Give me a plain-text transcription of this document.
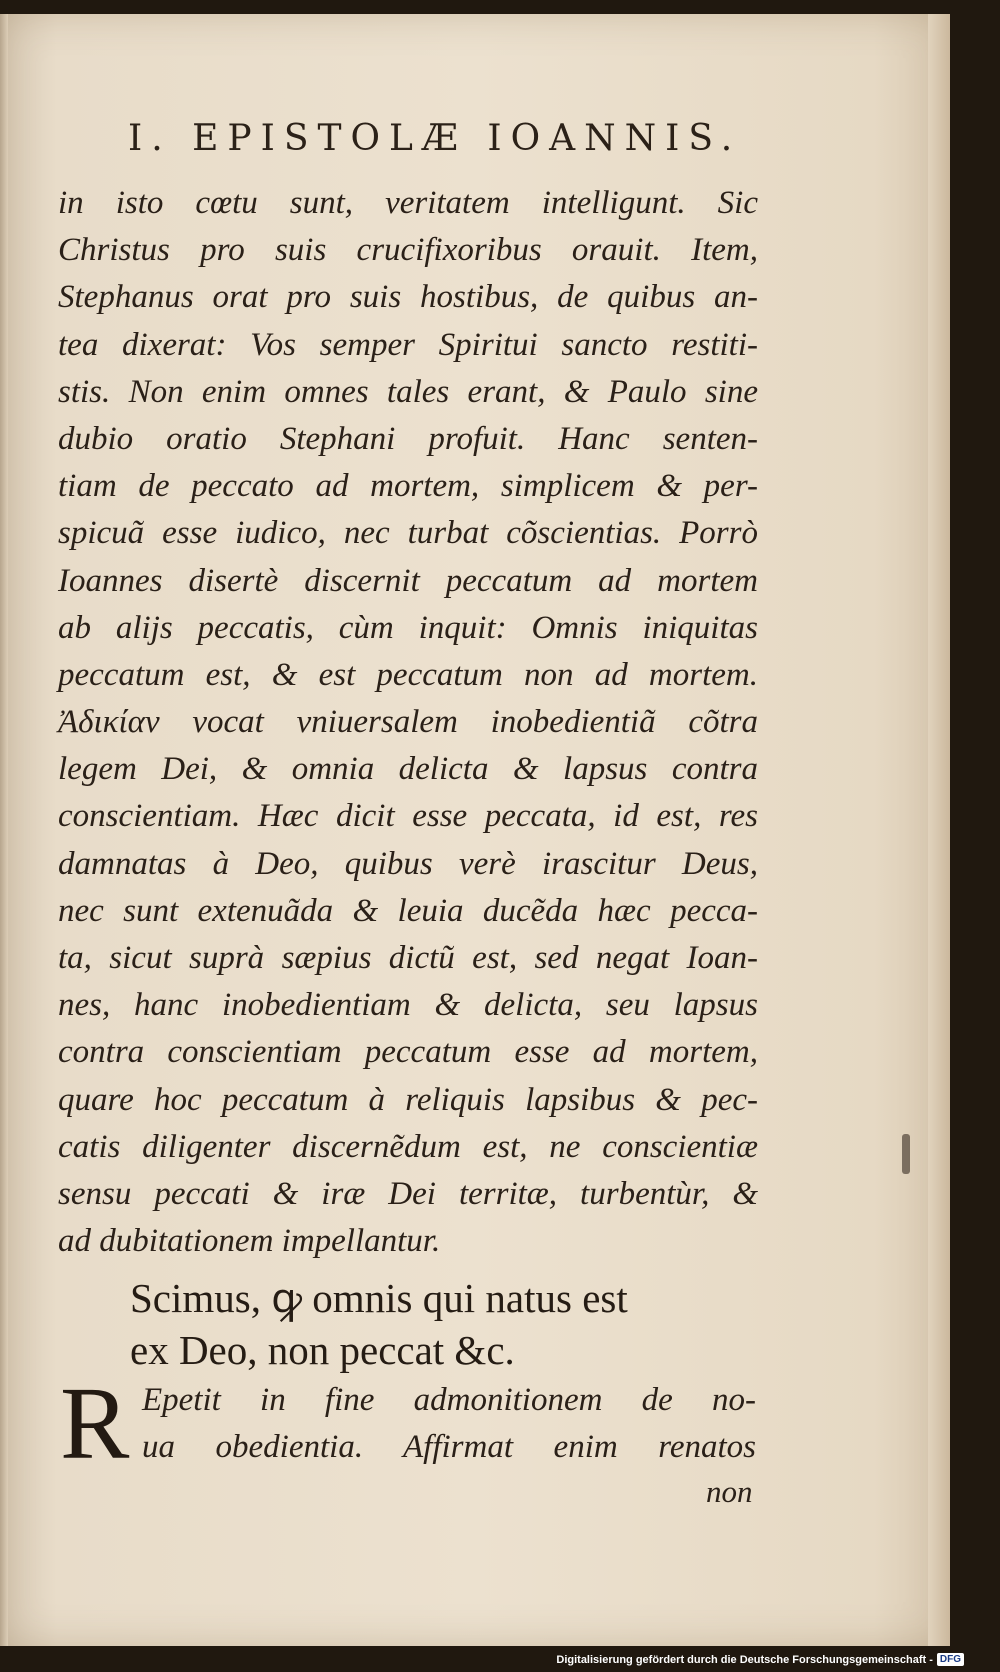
I. EPISTOLÆ IOANNIS.
in isto cœtu sunt, veritatem intelligunt. Sic
Christus pro suis crucifixoribus orauit. Item,
Stephanus orat pro suis hostibus, de quibus an-
tea dixerat: Vos semper Spiritui sancto restiti-
stis. Non enim omnes tales erant, & Paulo sine
dubio oratio Stephani profuit. Hanc senten-
tiam de peccato ad mortem, simplicem & per-
spicuã esse iudico, nec turbat cõscientias. Porrò
Ioannes disertè discernit peccatum ad mortem
ab alijs peccatis, cùm inquit: Omnis iniquitas
peccatum est, & est peccatum non ad mortem.
Ἀδικίαν vocat vniuersalem inobedientiã cõtra
legem Dei, & omnia delicta & lapsus contra
conscientiam. Hæc dicit esse peccata, id est, res
damnatas à Deo, quibus verè irascitur Deus,
nec sunt extenuãda & leuia ducẽda hæc pecca-
ta, sicut suprà sæpius dictũ est, sed negat Ioan-
nes, hanc inobedientiam & delicta, seu lapsus
contra conscientiam peccatum esse ad mortem,
quare hoc peccatum à reliquis lapsibus & pec-
catis diligenter discernẽdum est, ne conscientiæ
sensu peccati & iræ Dei territæ, turbentùr, &
ad dubitationem impellantur.
Scimus, ꝙ omnis qui natus est
ex Deo, non peccat &c.
R Epetit in fine admonitionem de no-
ua obedientia. Affirmat enim renatos
non
Digitalisierung gefördert durch die Deutsche Forschungsgemeinschaft - DFG
